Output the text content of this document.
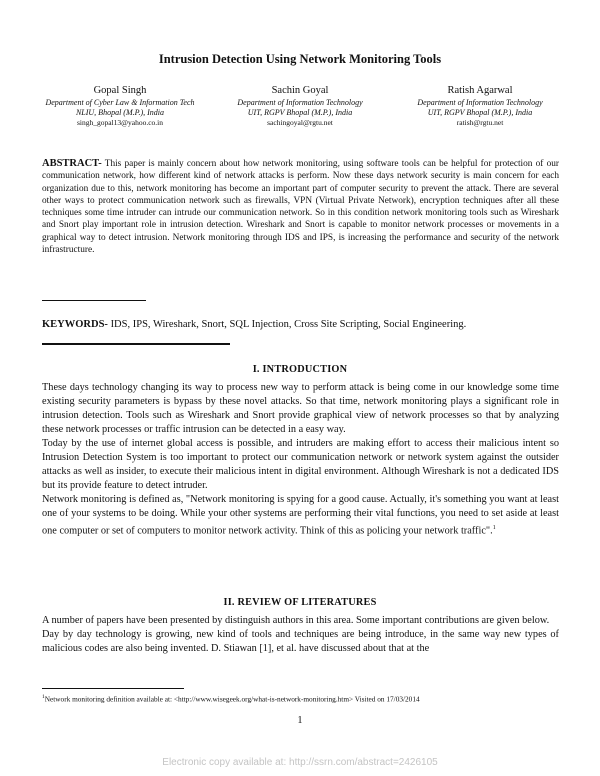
Intrusion Detection Using Network Monitoring Tools
Gopal Singh
Department of Cyber Law & Information Tech
NLIU, Bhopal (M.P.), India
singh_gopal13@yahoo.co.in
Sachin Goyal
Department of Information Technology
UIT, RGPV Bhopal (M.P.), India
sachingoyal@rgtu.net
Ratish Agarwal
Department of Information Technology
UIT, RGPV Bhopal (M.P.), India
ratish@rgtu.net
ABSTRACT- This paper is mainly concern about how network monitoring, using software tools can be helpful for protection of our communication network, how different kind of network attacks is perform. Now these days network security is main concern for each organization due to this, network monitoring has become an important part of computer security to prevent the attack. There are several other ways to protect communication network such as firewalls, VPN (Virtual Private Network), encryption techniques after all these techniques some time intruder can intrude our communication network. So in this condition network monitoring tools such as Wireshark and Snort play important role in intrusion detection. Wireshark and Snort is capable to monitor network processes or movements in a graphical way to detect intrusion. Network monitoring through IDS and IPS, is increasing the performance and security of the network infrastructure.
KEYWORDS- IDS, IPS, Wireshark, Snort, SQL Injection, Cross Site Scripting, Social Engineering.
I. INTRODUCTION

These days technology changing its way to process new way to perform attack is being come in our knowledge some time existing security parameters is bypass by these novel attacks. So that time, network monitoring plays a significant role in intrusion detection. Tools such as Wireshark and Snort provide graphical view of network processes so that by analyzing these network processes or traffic intrusion can be detected in a easy way.

Today by the use of internet global access is possible, and intruders are making effort to access their malicious intent so Intrusion Detection System is too important to protect our communication network or network system against the outsider attacks as well as insider, to execute their malicious intent in digital environment. Although Wireshark is not a dedicated IDS but its provide feature to detect intruder.

Network monitoring is defined as, "Network monitoring is spying for a good cause. Actually, it's something you want at least one of your systems to be doing. While your other systems are performing their vital functions, you need to set aside at least one computer or set of computers to monitor network activity. Think of this as policing your network traffic".$^1$

II. REVIEW OF LITERATURES

A number of papers have been presented by distinguish authors in this area. Some important contributions are given below.

Day by day technology is growing, new kind of tools and techniques are being introduce, in the same way new types of malicious codes are also being invented. D. Stiawan [1], et al. have discussed about that at the

$^1$Network monitoring definition available at: <http://www.wisegeek.org/what-is-network-monitoring.htm> Visited on 17/03/2014
1
Electronic copy available at: http://ssrn.com/abstract=2426105
